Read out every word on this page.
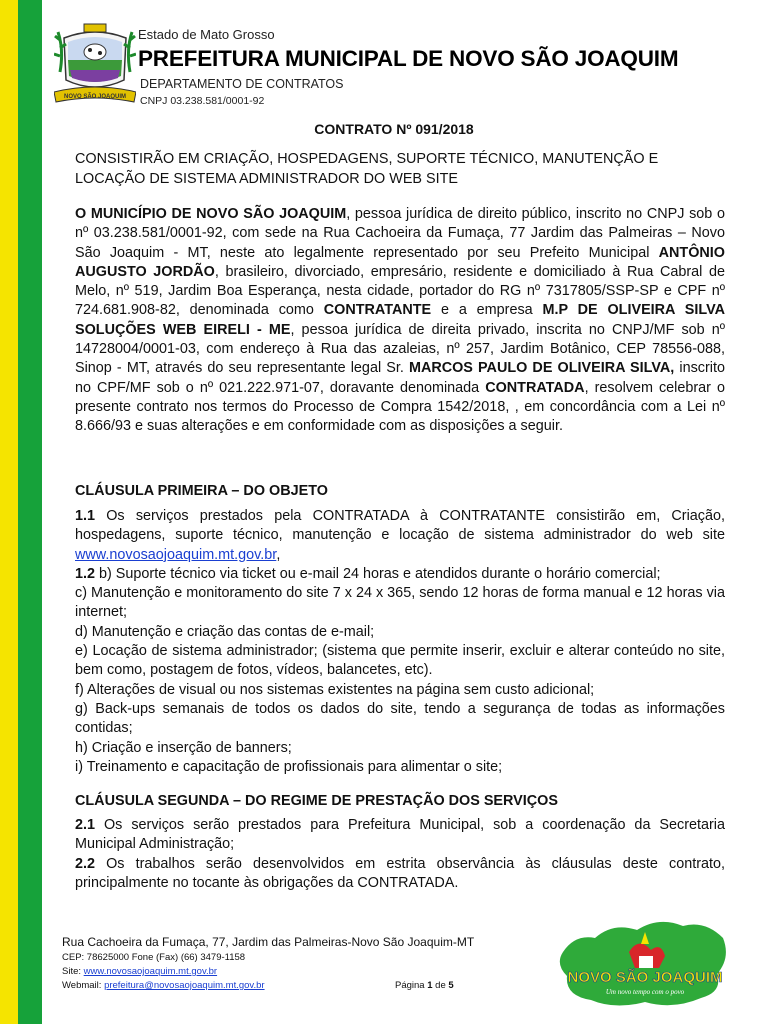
NOVO SÃO JOAQUIM
Estado de Mato Grosso
PREFEITURA MUNICIPAL DE NOVO SÃO JOAQUIM
DEPARTAMENTO DE CONTRATOS
CNPJ 03.238.581/0001-92
CONTRATO Nº 091/2018
CONSISTIRÃO EM CRIAÇÃO, HOSPEDAGENS, SUPORTE TÉCNICO, MANUTENÇÃO E LOCAÇÃO DE SISTEMA ADMINISTRADOR DO WEB SITE
O MUNICÍPIO DE NOVO SÃO JOAQUIM, pessoa jurídica de direito público, inscrito no CNPJ sob o nº 03.238.581/0001-92, com sede na Rua Cachoeira da Fumaça, 77 Jardim das Palmeiras – Novo São Joaquim - MT, neste ato legalmente representado por seu Prefeito Municipal ANTÔNIO AUGUSTO JORDÃO, brasileiro, divorciado, empresário, residente e domiciliado à Rua Cabral de Melo, nº 519, Jardim Boa Esperança, nesta cidade, portador do RG nº 7317805/SSP-SP e CPF nº 724.681.908-82, denominada como CONTRATANTE e a empresa M.P DE OLIVEIRA SILVA SOLUÇÕES WEB EIRELI - ME, pessoa jurídica de direita privado, inscrita no CNPJ/MF sob nº 14728004/0001-03, com endereço à Rua das azaleias, nº 257, Jardim Botânico, CEP 78556-088, Sinop - MT, através do seu representante legal Sr. MARCOS PAULO DE OLIVEIRA SILVA, inscrito no CPF/MF sob o nº 021.222.971-07, doravante denominada CONTRATADA, resolvem celebrar o presente contrato nos termos do Processo de Compra 1542/2018, , em concordância com a Lei nº 8.666/93 e suas alterações e em conformidade com as disposições a seguir.
CLÁUSULA PRIMEIRA – DO OBJETO

1.1 Os serviços prestados pela CONTRATADA à CONTRATANTE consistirão em, Criação, hospedagens, suporte técnico, manutenção e locação de sistema administrador do web site www.novosaojoaquim.mt.gov.br,

1.2 b) Suporte técnico via ticket ou e-mail 24 horas e atendidos durante o horário comercial;

c) Manutenção e monitoramento do site 7 x 24 x 365, sendo 12 horas de forma manual e 12 horas via internet;

d) Manutenção e criação das contas de e-mail;

e) Locação de sistema administrador; (sistema que permite inserir, excluir e alterar conteúdo no site, bem como, postagem de fotos, vídeos, balancetes, etc).

f) Alterações de visual ou nos sistemas existentes na página sem custo adicional;

g) Back-ups semanais de todos os dados do site, tendo a segurança de todas as informações contidas;

h) Criação e inserção de banners;

i) Treinamento e capacitação de profissionais para alimentar o site;

CLÁUSULA SEGUNDA – DO REGIME DE PRESTAÇÃO DOS SERVIÇOS

2.1 Os serviços serão prestados para Prefeitura Municipal, sob a coordenação da Secretaria Municipal Administração;

2.2 Os trabalhos serão desenvolvidos em estrita observância às cláusulas deste contrato, principalmente no tocante às obrigações da CONTRATADA.

Rua Cachoeira da Fumaça, 77, Jardim das Palmeiras-Novo São Joaquim-MT
CEP: 78625000 Fone (Fax) (66) 3479-1158
Site: www.novosaojoaquim.mt.gov.br
Webmail: prefeitura@novosaojoaquim.mt.gov.br	Página 1 de 5	NOVO SÃO JOAQUIM
Um novo tempo com o povo
